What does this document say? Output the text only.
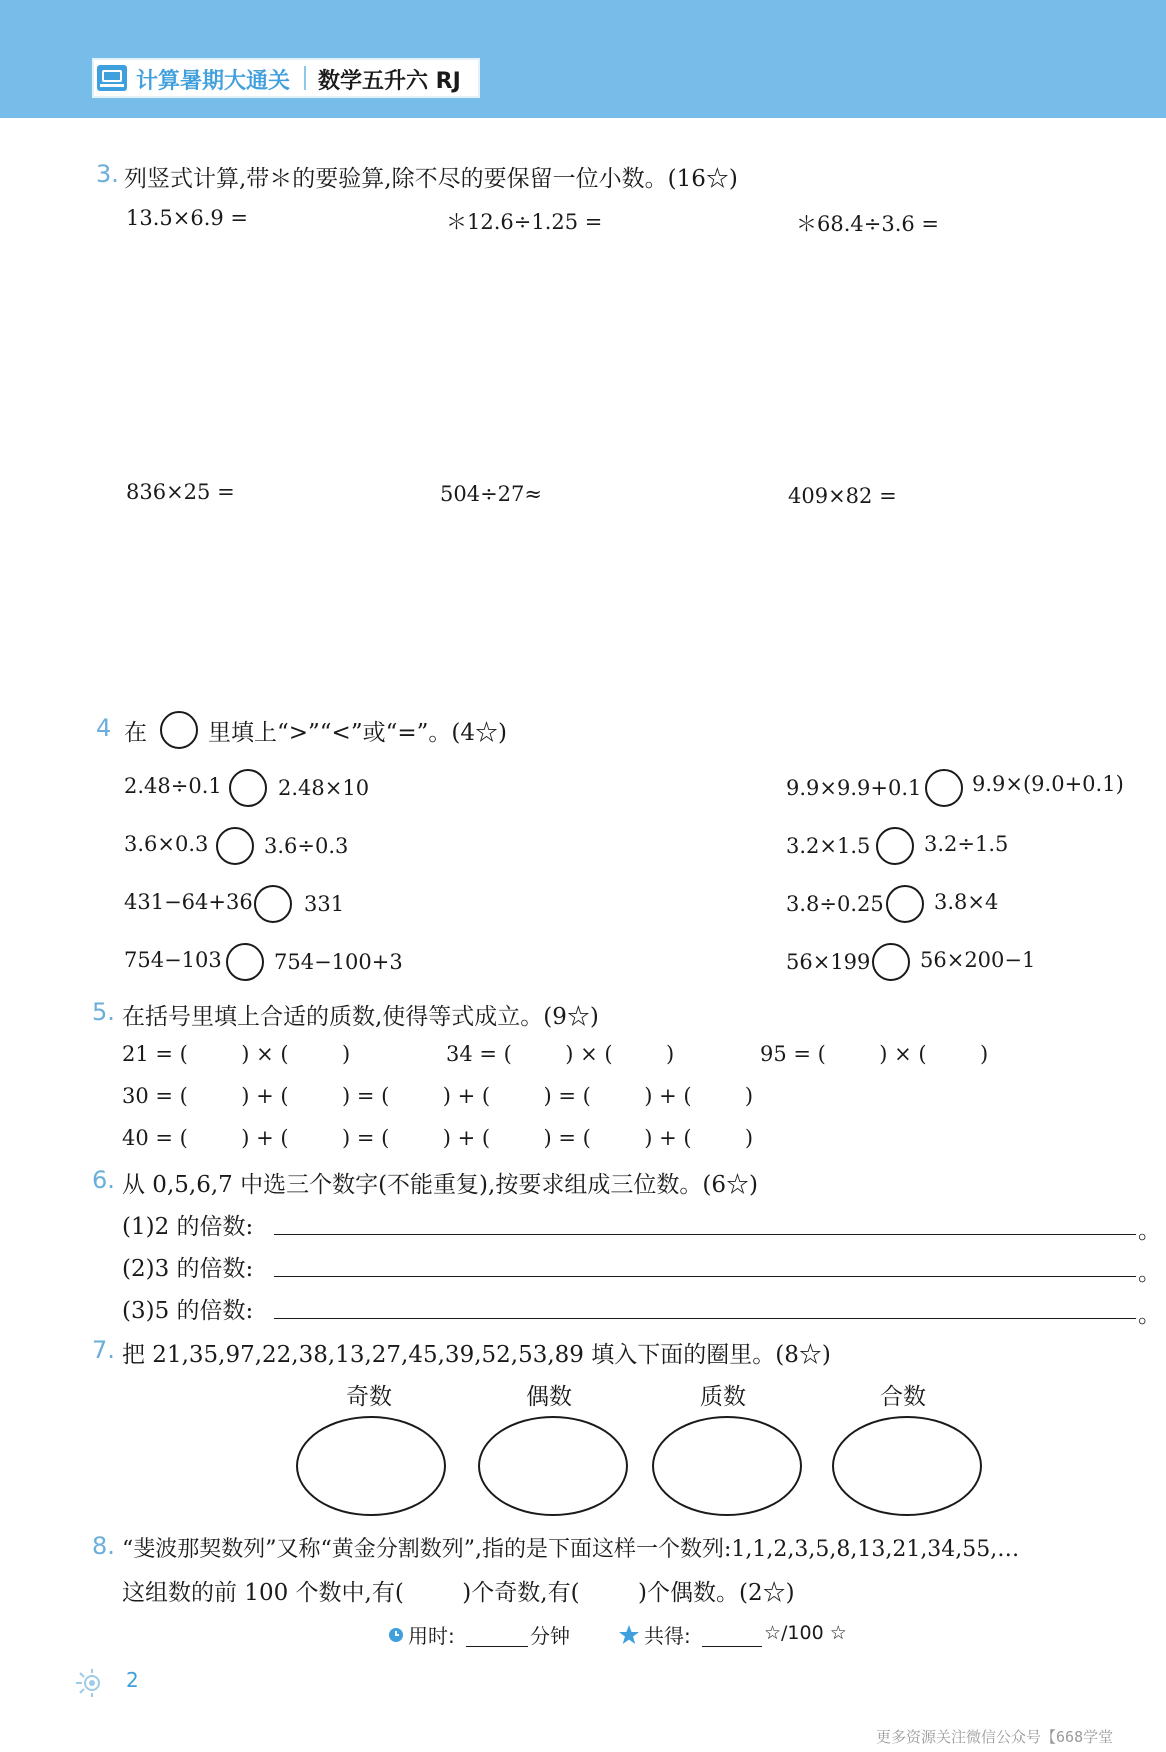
计算暑期大通关 数学五升六 RJ
3. 列竖式计算,带＊的要验算,除不尽的要保留一位小数。(16☆)
13.5×6.9 =	＊12.6÷1.25 =	＊68.4÷3.6 =
836×25 =	504÷27≈	409×82 =
4 在	里填上“>”“<”或“=”。(4☆)
2.48÷0.1	2.48×10	9.9×9.9+0.1 9.9×(9.0+0.1)
3.6×0.3	3.6÷0.3	3.2×1.5	3.2÷1.5
431−64+36 331	3.8÷0.25 3.8×4
754−103 754−100+3	56×199 56×200−1
5. 在括号里填上合适的质数,使得等式成立。(9☆)
21 = (        ) × (        )	34 = (        ) × (        )	95 = (        ) × (        )
30 = (        ) + (        ) = (        ) + (        ) = (        ) + (        )
40 = (        ) + (        ) = (        ) + (        ) = (        ) + (        )
6. 从 0,5,6,7 中选三个数字(不能重复),按要求组成三位数。(6☆)
(1)2 的倍数:	。
(2)3 的倍数:	。
(3)5 的倍数:	。
7. 把 21,35,97,22,38,13,27,45,39,52,53,89 填入下面的圈里。(8☆)
奇数	偶数	质数	合数
8. “斐波那契数列”又称“黄金分割数列”,指的是下面这样一个数列:1,1,2,3,5,8,13,21,34,55,…
这组数的前 100 个数中,有(        )个奇数,有(        )个偶数。(2☆)
用时:	分钟	共得:	☆/100 ☆
2
更多资源关注微信公众号【668学堂
